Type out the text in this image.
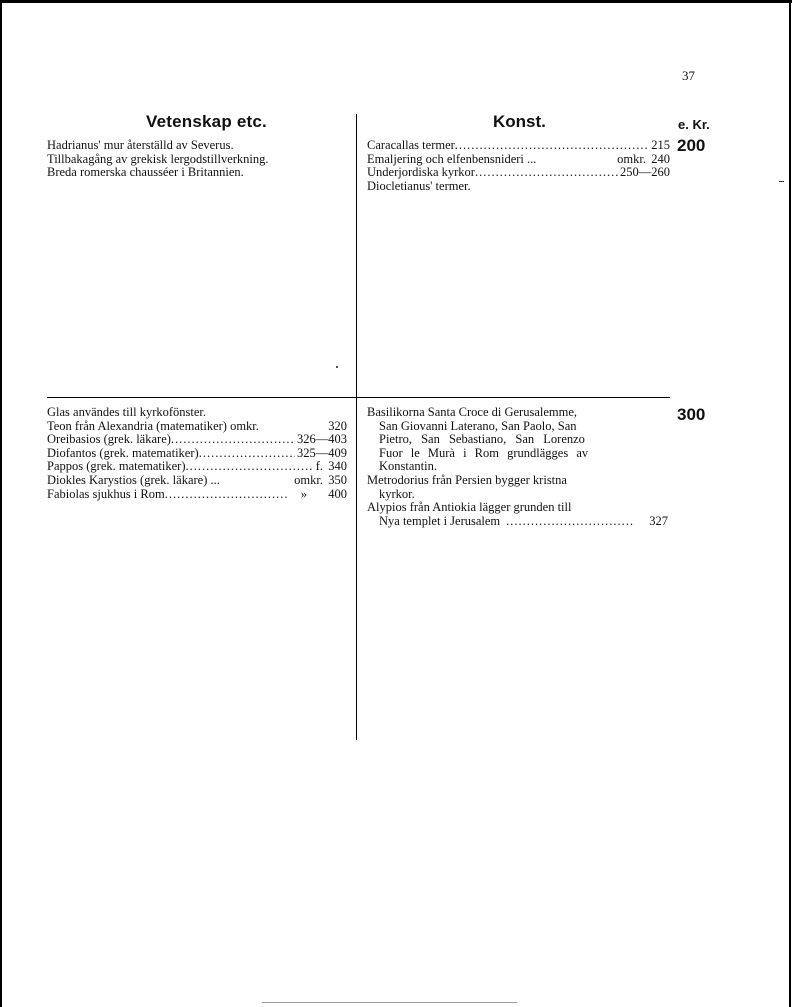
37
Vetenskap etc.	Konst.	e. Kr.
200
300
Hadrianus' mur återställd av Severus.
Tillbakagång av grekisk lergodstillverkning.
Breda romerska chausséer i Britannien.
Caracallas termer .....	215
Emaljering och elfenbensnideri ...	omkr. 240
Underjordiska kyrkor .....	250—260
Diocletianus' termer.
Glas användes till kyrkofönster.
Teon från Alexandria (matematiker) omkr.	320
Oreibasios (grek. läkare) .....	326—403
Diofantos (grek. matematiker) .....	325—409
Pappos (grek. matematiker) .....	f. 340
Diokles Karystios (grek. läkare) ...	omkr. 350
Fabiolas sjukhus i Rom .....	»	400
Basilikorna Santa Croce di Gerusalemme,
San Giovanni Laterano, San Paolo, San
Pietro, San Sebastiano, San Lorenzo
Fuor le Murà i Rom grundlägges av
Konstantin.
Metrodorius från Persien bygger kristna
kyrkor.
Alypios från Antiokia lägger grunden till
Nya templet i Jerusalem .....	327
